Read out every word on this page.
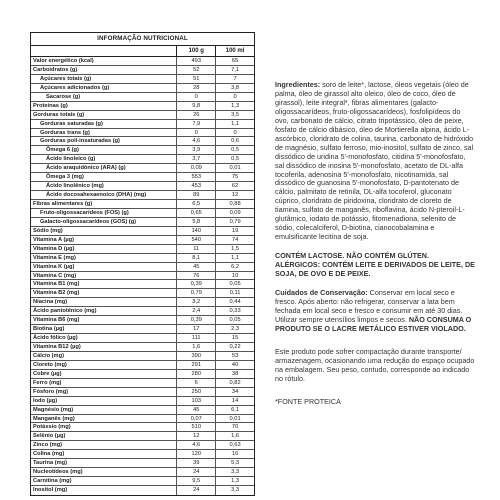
INFORMAÇÃO NUTRICIONAL
100 g	100 ml
Valor energético (kcal)	493	65
Carboidratos (g)	52	7,1
Açúcares totais (g)	51	7
Açúcares adicionados (g)	28	3,8
Sacarose (g)	0	0
Proteínas (g)	9,8	1,3
Gorduras totais (g)	26	3,5
Gorduras saturadas (g)	7,9	1,1
Gorduras trans (g)	0	0
Gorduras poli-insaturadas (g)	4,6	0,6
Ômega 6 (g)	3,9	0,5
Ácido linoleico (g)	3,7	0,5
Ácido araquidônico (ARA) (g)	0,09	0,01
Ômega 3 (mg)	553	75
Ácido linolênico (mg)	453	62
Ácido docosahexaenoico (DHA) (mg)	89	12
Fibras alimentares (g)	6,5	0,88
Fruto-oligossacarídeos (FOS) (g)	0,65	0,09
Galacto-oligossacarídeos (GOS) (g)	5,8	0,79
Sódio (mg)	140	19
Vitamina A (µg)	540	74
Vitamina D (µg)	11	1,5
Vitamina E (mg)	8,1	1,1
Vitamina K (µg)	45	6,2
Vitamina C (mg)	76	10
Vitamina B1 (mg)	0,39	0,05
Vitamina B2 (mg)	0,79	0,11
Niacina (mg)	3,2	0,44
Ácido pantotênico (mg)	2,4	0,33
Vitamina B6 (mg)	0,39	0,05
Biotina (µg)	17	2,3
Ácido fólico (µg)	111	15
Vitamina B12 (µg)	1,6	0,22
Cálcio (mg)	390	53
Cloreto (mg)	291	40
Cobre (µg)	280	38
Ferro (mg)	6	0,82
Fósforo (mg)	250	34
Iodo (µg)	103	14
Magnésio (mg)	45	6,1
Manganês (mg)	0,07	0,01
Potássio (mg)	510	70
Selênio (µg)	12	1,6
Zinco (mg)	4,6	0,63
Colina (mg)	120	16
Taurina (mg)	39	5,3
Nucleotídeos (mg)	24	3,3
Carnitina (mg)	9,5	1,3
Inositol (mg)	24	3,3

Ingredientes: soro de leite*, lactose, óleos vegetais (óleo de palma, óleo de girassol alto oleico, óleo de coco, óleo de girassol), leite integral*, fibras alimentares (galacto-oligossacarídeos, fruto-oligossacarídeos), fosfolipídeos do ovo, carbonato de cálcio, citrato tripotássico, óleo de peixe, fosfato de cálcio dibásico, óleo de Mortierella alpina, ácido L-ascórbico, cloridrato de colina, taurina, carbonato de hidróxido de magnésio, sulfato ferroso, mio-inositol, sulfato de zinco, sal dissódico de uridina 5'-monofosfato, citidina 5'-monofosfato, sal dissódico de inosina 5'-monofosfato, acetato de DL-alfa tocoferila, adenosina 5'-monofosfato, nicotinamida, sal dissódico de guanosina 5'-monofosfato, D-pantotenato de cálcio, palmitato de retinila, DL-alfa tocoferol, gluconato cúprico, cloridrato de piridoxina, cloridrato de cloreto de tiamina, sulfato de manganês, riboflavina, ácido N-pteroil-L-glutâmico, iodato de potássio, fitomenadiona, selenito de sódio, colecalciferol, D-biotina, cianocobalamina e emulsificante lecitina de soja.

CONTÉM LACTOSE. NÃO CONTÉM GLÚTEN. ALÉRGICOS: CONTÉM LEITE E DERIVADOS DE LEITE, DE SOJA, DE OVO E DE PEIXE.

Cuidados de Conservação: Conservar em local seco e fresco. Após aberto: não refrigerar, conservar a lata bem fechada em local seco e fresco e consumir em até 30 dias. Utilizar sempre utensílios limpos e secos. NÃO CONSUMA O PRODUTO SE O LACRE METÁLICO ESTIVER VIOLADO.

Este produto pode sofrer compactação durante transporte/ armazenagem, ocasionando uma redução do espaço ocupado na embalagem. Seu peso, contudo, corresponde ao indicado no rótulo.

*FONTE PROTEICA
